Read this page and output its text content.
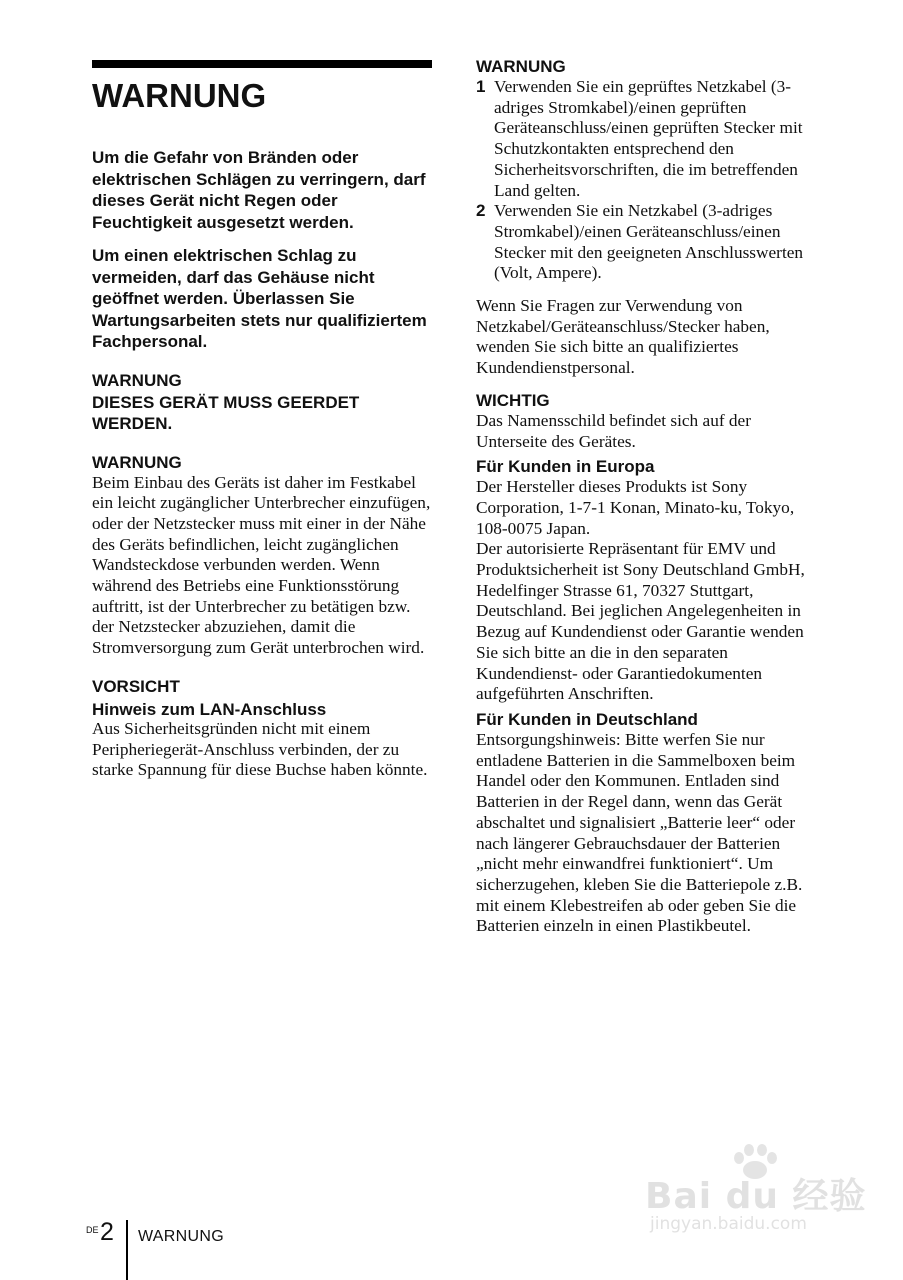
WARNUNG

Um die Gefahr von Bränden oder elektrischen Schlägen zu verringern, darf dieses Gerät nicht Regen oder Feuchtigkeit ausgesetzt werden.

Um einen elektrischen Schlag zu vermeiden, darf das Gehäuse nicht geöffnet werden. Überlassen Sie Wartungsarbeiten stets nur qualifiziertem Fachpersonal.

WARNUNG

DIESES GERÄT MUSS GEERDET WERDEN.

WARNUNG

Beim Einbau des Geräts ist daher im Festkabel ein leicht zugänglicher Unterbrecher einzufügen, oder der Netzstecker muss mit einer in der Nähe des Geräts befindlichen, leicht zugänglichen Wandsteckdose verbunden werden. Wenn während des Betriebs eine Funktionsstörung auftritt, ist der Unterbrecher zu betätigen bzw. der Netzstecker abzuziehen, damit die Stromversorgung zum Gerät unterbrochen wird.

VORSICHT

Hinweis zum LAN-Anschluss

Aus Sicherheitsgründen nicht mit einem Peripheriegerät-Anschluss verbinden, der zu starke Spannung für diese Buchse haben könnte.

WARNUNG

1 Verwenden Sie ein geprüftes Netzkabel (3-adriges Stromkabel)/einen geprüften Geräteanschluss/einen geprüften Stecker mit Schutzkontakten entsprechend den Sicherheitsvorschriften, die im betreffenden Land gelten.
2 Verwenden Sie ein Netzkabel (3-adriges Stromkabel)/einen Geräteanschluss/einen Stecker mit den geeigneten Anschlusswerten (Volt, Ampere).

Wenn Sie Fragen zur Verwendung von Netzkabel/Geräteanschluss/Stecker haben, wenden Sie sich bitte an qualifiziertes Kundendienstpersonal.

WICHTIG

Das Namensschild befindet sich auf der Unterseite des Gerätes.

Für Kunden in Europa

Der Hersteller dieses Produkts ist Sony Corporation, 1-7-1 Konan, Minato-ku, Tokyo, 108-0075 Japan.

Der autorisierte Repräsentant für EMV und Produktsicherheit ist Sony Deutschland GmbH, Hedelfinger Strasse 61, 70327 Stuttgart, Deutschland. Bei jeglichen Angelegenheiten in Bezug auf Kundendienst oder Garantie wenden Sie sich bitte an die in den separaten Kundendienst- oder Garantiedokumenten aufgeführten Anschriften.

Für Kunden in Deutschland

Entsorgungshinweis: Bitte werfen Sie nur entladene Batterien in die Sammelboxen beim Handel oder den Kommunen. Entladen sind Batterien in der Regel dann, wenn das Gerät abschaltet und signalisiert „Batterie leer“ oder nach längerer Gebrauchsdauer der Batterien „nicht mehr einwandfrei funktioniert“. Um sicherzugehen, kleben Sie die Batteriepole z.B. mit einem Klebestreifen ab oder geben Sie die Batterien einzeln in einen Plastikbeutel.

DE 2 WARNUNG
Bai du 经验
jingyan.baidu.com
